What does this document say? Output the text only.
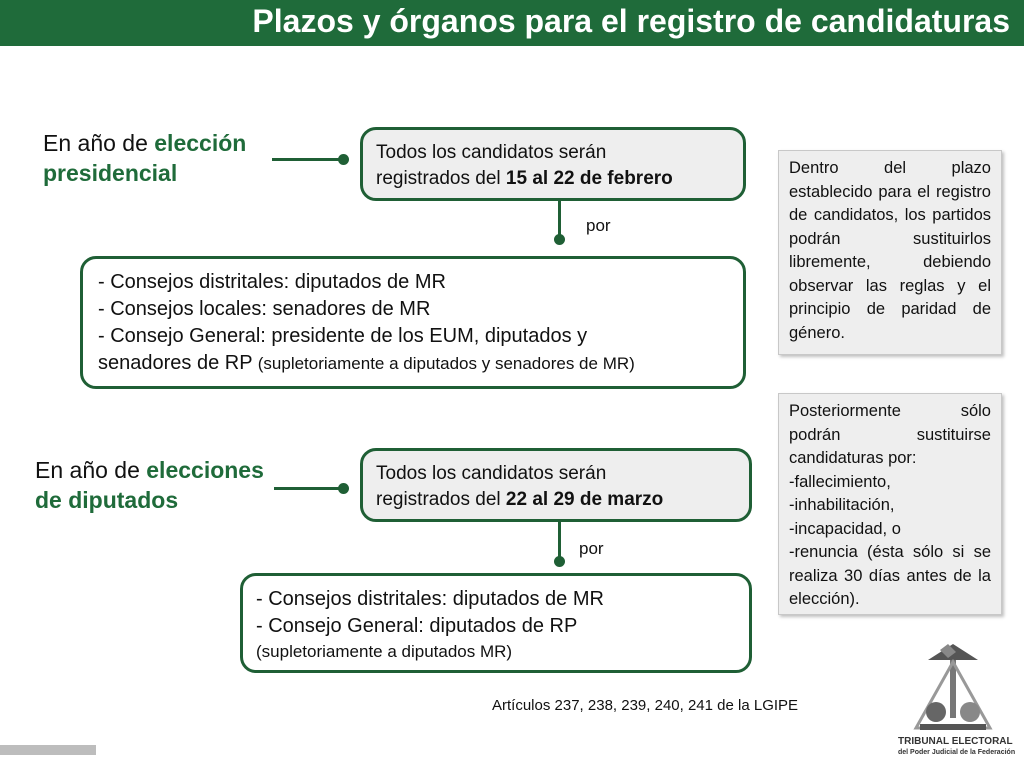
Plazos y órganos para el registro de candidaturas
En año de elección
presidencial
Todos los candidatos serán
registrados del 15 al 22 de febrero
por
- Consejos distritales: diputados de MR
- Consejos locales: senadores de MR
- Consejo General: presidente de los EUM, diputados y
senadores de RP (supletoriamente a diputados y senadores de MR)
En año de elecciones
de diputados
Todos los candidatos serán
registrados del 22 al 29 de marzo
por
- Consejos distritales: diputados de MR
- Consejo General: diputados de RP
(supletoriamente a diputados MR)
Dentro del plazo establecido para el registro de candidatos, los partidos podrán sustituirlos libremente, debiendo observar las reglas y el principio de paridad de género.
Posteriormente sólo podrán sustituirse candidaturas por:
-fallecimiento,
-inhabilitación,
-incapacidad, o
-renuncia (ésta sólo si se realiza 30 días antes de la elección).
Artículos 237, 238, 239, 240, 241 de la LGIPE
TRIBUNAL ELECTORAL
del Poder Judicial de la Federación
